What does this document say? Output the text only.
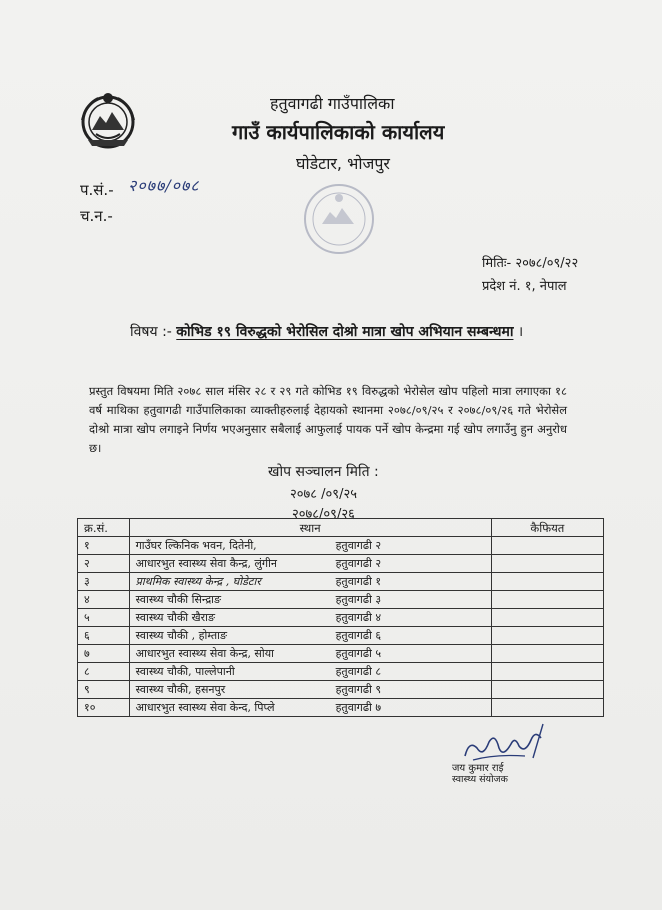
हतुवागढी गाउँपालिका
गाउँ कार्यपालिकाको कार्यालय
घोडेटार, भोजपुर
प.सं.- २०७७/०७८
च.न.-
मितिः- २०७८/०९/२२
प्रदेश नं. १, नेपाल
विषय :- कोभिड १९ विरुद्धको भेरोसिल दोश्रो मात्रा खोप अभियान सम्बन्धमा ।
प्रस्तुत विषयमा मिति २०७८ साल मंसिर २८ र २९ गते कोभिड १९ विरुद्धको भेरोसेल खोप पहिलो मात्रा लगाएका १८ वर्ष माथिका हतुवागढी गाउँपालिकाका व्याक्तीहरुलाई देहायको स्थानमा २०७८/०९/२५ र २०७८/०९/२६ गते भेरोसेल दोश्रो मात्रा खोप लगाइने निर्णय भएअनुसार सबैलाई आफुलाई पायक पर्ने खोप केन्द्रमा गई खोप लगाउँनु हुन अनुरोध छ।
खोप सञ्चालन मिति :
२०७८ /०९/२५
२०७८/०९/२६
क्र.सं.	स्थान	कैफियत
१	गाउँघर ल्किनिक भवन, दितेनी, हतुवागढी २	
२	आधारभुत स्वास्थ्य सेवा कैन्द्र, लुंगीन हतुवागढी २	
३	प्राथमिक स्वास्थ्य केन्द्र , घोडेटार हतुवागढी १	
४	स्वास्थ्य चौकी सिन्द्राङ हतुवागढी ३	
५	स्वास्थ्य चौकी खैराङ हतुवागढी ४	
६	स्वास्थ्य चौकी , होम्ताङ हतुवागढी ६	
७	आधारभुत स्वास्थ्य सेवा केन्द्र, सोया हतुवागढी ५	
८	स्वास्थ्य चौकी, पाल्लेपानी हतुवागढी ८	
९	स्वास्थ्य चौकी, हसनपुर हतुवागढी ९	
१०	आधारभुत स्वास्थ्य सेवा केन्द, पिप्ले हतुवागढी ७	
जय कुमार राई
स्वास्थ्य संयोजक
